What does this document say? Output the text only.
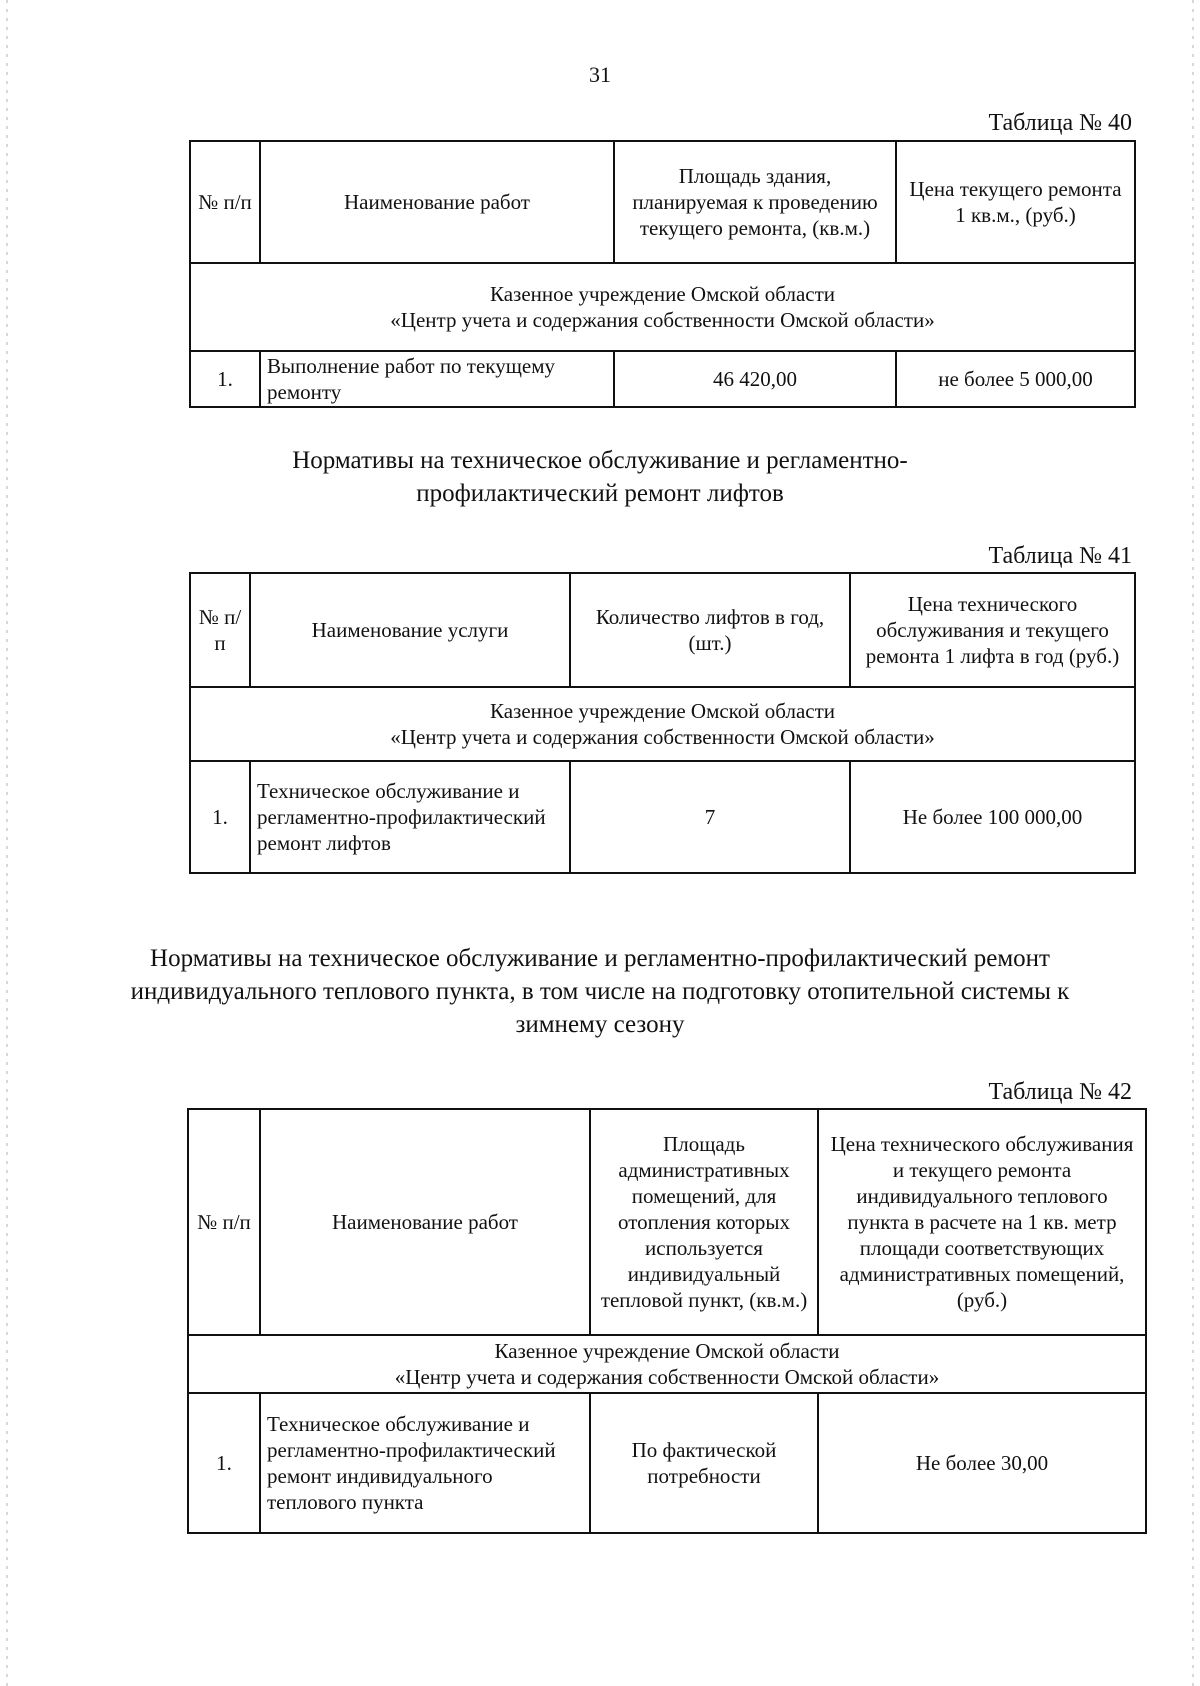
31
Таблица № 40
№ п/п	Наименование работ	Площадь здания, планируемая к проведению текущего ремонта, (кв.м.)	Цена текущего ремонта 1 кв.м., (руб.)

Казенное учреждение Омской области
«Центр учета и содержания собственности Омской области»			

1.	Выполнение работ по текущему ремонту	46 420,00	не более 5 000,00
Нормативы на техническое обслуживание и регламентно-профилактический ремонт лифтов
Таблица № 41
№ п/п	Наименование услуги	Количество лифтов в год, (шт.)	Цена технического обслуживания и текущего ремонта 1 лифта в год (руб.)

Казенное учреждение Омской области
«Центр учета и содержания собственности Омской области»			

1.	Техническое обслуживание и регламентно-профилактический ремонт лифтов	7	Не более 100 000,00
Нормативы на техническое обслуживание и регламентно-профилактический ремонт индивидуального теплового пункта, в том числе на подготовку отопительной системы к зимнему сезону
Таблица № 42
№ п/п	Наименование работ	Площадь административных помещений, для отопления которых используется индивидуальный тепловой пункт, (кв.м.)	Цена технического обслуживания и текущего ремонта индивидуального теплового пункта в расчете на 1 кв. метр площади соответствующих административных помещений, (руб.)

Казенное учреждение Омской области
«Центр учета и содержания собственности Омской области»			

1.	Техническое обслуживание и регламентно-профилактический ремонт индивидуального теплового пункта	По фактической потребности	Не более 30,00
